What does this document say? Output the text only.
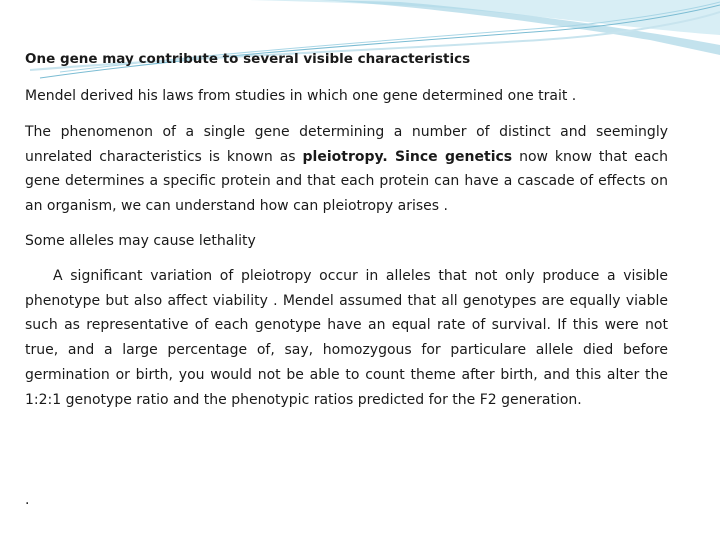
One gene may contribute to several visible characteristics

Mendel derived his laws from studies in which one gene determined one trait .

The phenomenon of a single gene determining a number of distinct and seemingly unrelated characteristics is known as pleiotropy. Since genetics now know that each gene determines a specific protein and that each protein can have a cascade of effects on an organism, we can understand how can pleiotropy arises .

Some alleles may cause lethality

A significant variation of pleiotropy occur in alleles that not only produce a visible phenotype but also affect viability . Mendel assumed that all genotypes are equally viable such as representative of each genotype have an equal rate of survival. If this were not true, and a large percentage of, say, homozygous for particulare allele died before germination or birth, you would not be able to count theme after birth, and this alter the 1:2:1 genotype ratio and the phenotypic ratios predicted for the F2 generation.

.
